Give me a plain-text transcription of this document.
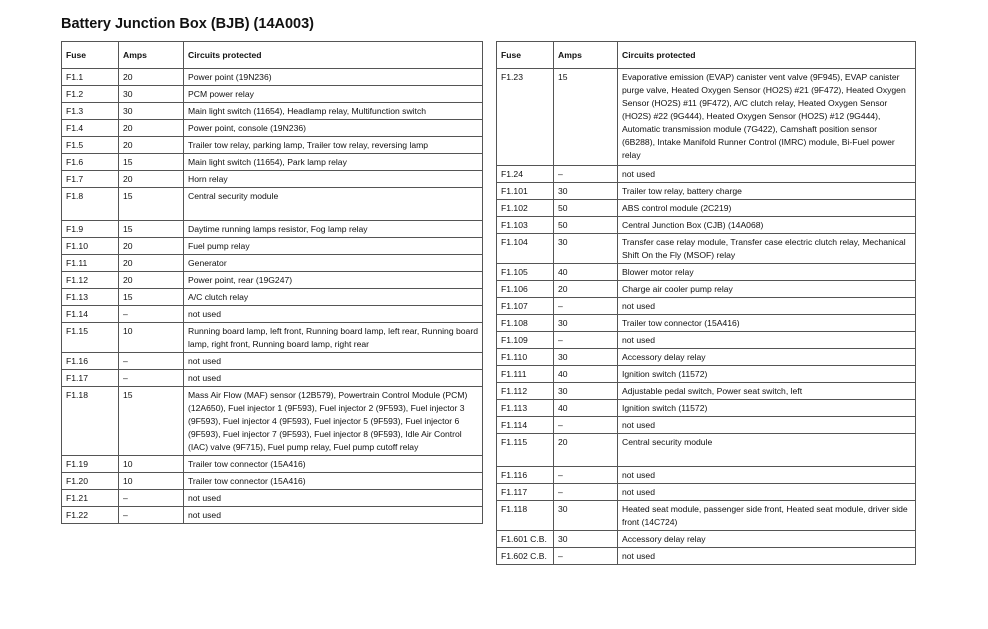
Battery Junction Box (BJB) (14A003)
Fuse	Amps	Circuits protected
F1.1	20	Power point (19N236)
F1.2	30	PCM power relay
F1.3	30	Main light switch (11654), Headlamp relay, Multifunction switch
F1.4	20	Power point, console (19N236)
F1.5	20	Trailer tow relay, parking lamp, Trailer tow relay, reversing lamp
F1.6	15	Main light switch (11654), Park lamp relay
F1.7	20	Horn relay
F1.8	15	Central security module
F1.9	15	Daytime running lamps resistor, Fog lamp relay
F1.10	20	Fuel pump relay
F1.11	20	Generator
F1.12	20	Power point, rear (19G247)
F1.13	15	A/C clutch relay
F1.14	–	not used
F1.15	10	Running board lamp, left front, Running board lamp, left rear, Running board lamp, right front, Running board lamp, right rear
F1.16	–	not used
F1.17	–	not used
F1.18	15	Mass Air Flow (MAF) sensor (12B579), Powertrain Control Module (PCM) (12A650), Fuel injector 1 (9F593), Fuel injector 2 (9F593), Fuel injector 3 (9F593), Fuel injector 4 (9F593), Fuel injector 5 (9F593), Fuel injector 6 (9F593), Fuel injector 7 (9F593), Fuel injector 8 (9F593), Idle Air Control (IAC) valve (9F715), Fuel pump relay, Fuel pump cutoff relay
F1.19	10	Trailer tow connector (15A416)
F1.20	10	Trailer tow connector (15A416)
F1.21	–	not used
F1.22	–	not used
Fuse	Amps	Circuits protected
F1.23	15	Evaporative emission (EVAP) canister vent valve (9F945), EVAP canister purge valve, Heated Oxygen Sensor (HO2S) #21 (9F472), Heated Oxygen Sensor (HO2S) #11 (9F472), A/C clutch relay, Heated Oxygen Sensor (HO2S) #22 (9G444), Heated Oxygen Sensor (HO2S) #12 (9G444), Automatic transmission module (7G422), Camshaft position sensor (6B288), Intake Manifold Runner Control (IMRC) module, Bi-Fuel power relay
F1.24	–	not used
F1.101	30	Trailer tow relay, battery charge
F1.102	50	ABS control module (2C219)
F1.103	50	Central Junction Box (CJB) (14A068)
F1.104	30	Transfer case relay module, Transfer case electric clutch relay, Mechanical Shift On the Fly (MSOF) relay
F1.105	40	Blower motor relay
F1.106	20	Charge air cooler pump relay
F1.107	–	not used
F1.108	30	Trailer tow connector (15A416)
F1.109	–	not used
F1.110	30	Accessory delay relay
F1.111	40	Ignition switch (11572)
F1.112	30	Adjustable pedal switch, Power seat switch, left
F1.113	40	Ignition switch (11572)
F1.114	–	not used
F1.115	20	Central security module
F1.116	–	not used
F1.117	–	not used
F1.118	30	Heated seat module, passenger side front, Heated seat module, driver side front (14C724)
F1.601 C.B.	30	Accessory delay relay
F1.602 C.B.	–	not used
